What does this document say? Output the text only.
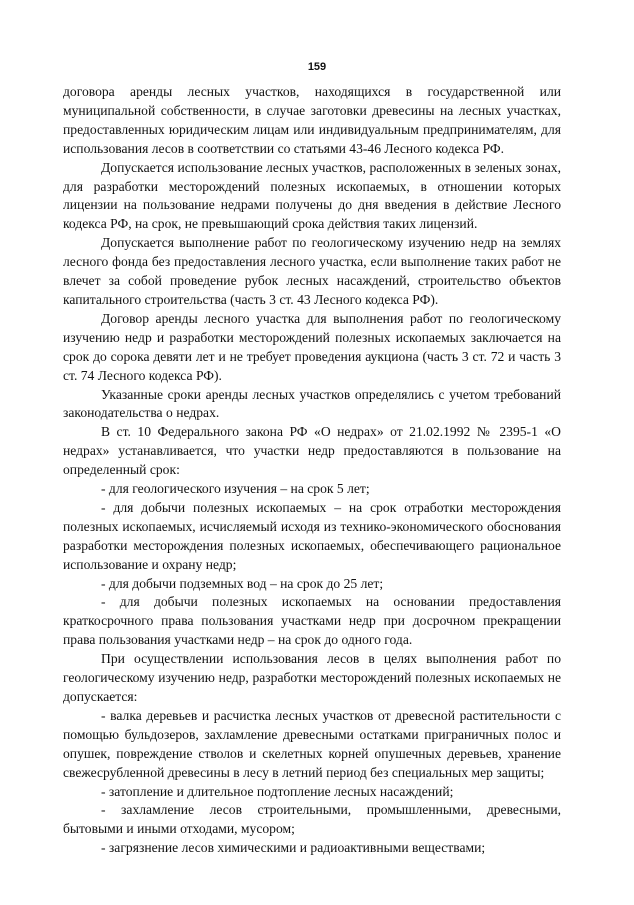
159

договора аренды лесных участков, находящихся в государственной или муниципальной собственности, в случае заготовки древесины на лесных участках, предоставленных юридическим лицам или индивидуальным предпринимателям, для использования лесов в соответствии со статьями 43-46 Лесного кодекса РФ.

Допускается использование лесных участков, расположенных в зеленых зонах, для разработки месторождений полезных ископаемых, в отношении которых лицензии на пользование недрами получены до дня введения в действие Лесного кодекса РФ, на срок, не превышающий срока действия таких лицензий.

Допускается выполнение работ по геологическому изучению недр на землях лесного фонда без предоставления лесного участка, если выполнение таких работ не влечет за собой проведение рубок лесных насаждений, строительство объектов капитального строительства (часть 3 ст. 43 Лесного кодекса РФ).

Договор аренды лесного участка для выполнения работ по геологическому изучению недр и разработки месторождений полезных ископаемых заключается на срок до сорока девяти лет и не требует проведения аукциона (часть 3 ст. 72 и часть 3 ст. 74 Лесного кодекса РФ).

Указанные сроки аренды лесных участков определялись с учетом требований законодательства о недрах.

В ст. 10 Федерального закона РФ «О недрах» от 21.02.1992 № 2395-1 «О недрах» устанавливается, что участки недр предоставляются в пользование на определенный срок:

- для геологического изучения – на срок 5 лет;

- для добычи полезных ископаемых – на срок отработки месторождения полезных ископаемых, исчисляемый исходя из технико-экономического обоснования разработки месторождения полезных ископаемых, обеспечивающего рациональное использование и охрану недр;

- для добычи подземных вод – на срок до 25 лет;

- для добычи полезных ископаемых на основании предоставления краткосрочного права пользования участками недр при досрочном прекращении права пользования участками недр – на срок до одного года.

При осуществлении использования лесов в целях выполнения работ по геологическому изучению недр, разработки месторождений полезных ископаемых не допускается:

- валка деревьев и расчистка лесных участков от древесной растительности с помощью бульдозеров, захламление древесными остатками приграничных полос и опушек, повреждение стволов и скелетных корней опушечных деревьев, хранение свежесрубленной древесины в лесу в летний период без специальных мер защиты;

- затопление и длительное подтопление лесных насаждений;

- захламление лесов строительными, промышленными, древесными, бытовыми и иными отходами, мусором;

- загрязнение лесов химическими и радиоактивными веществами;
